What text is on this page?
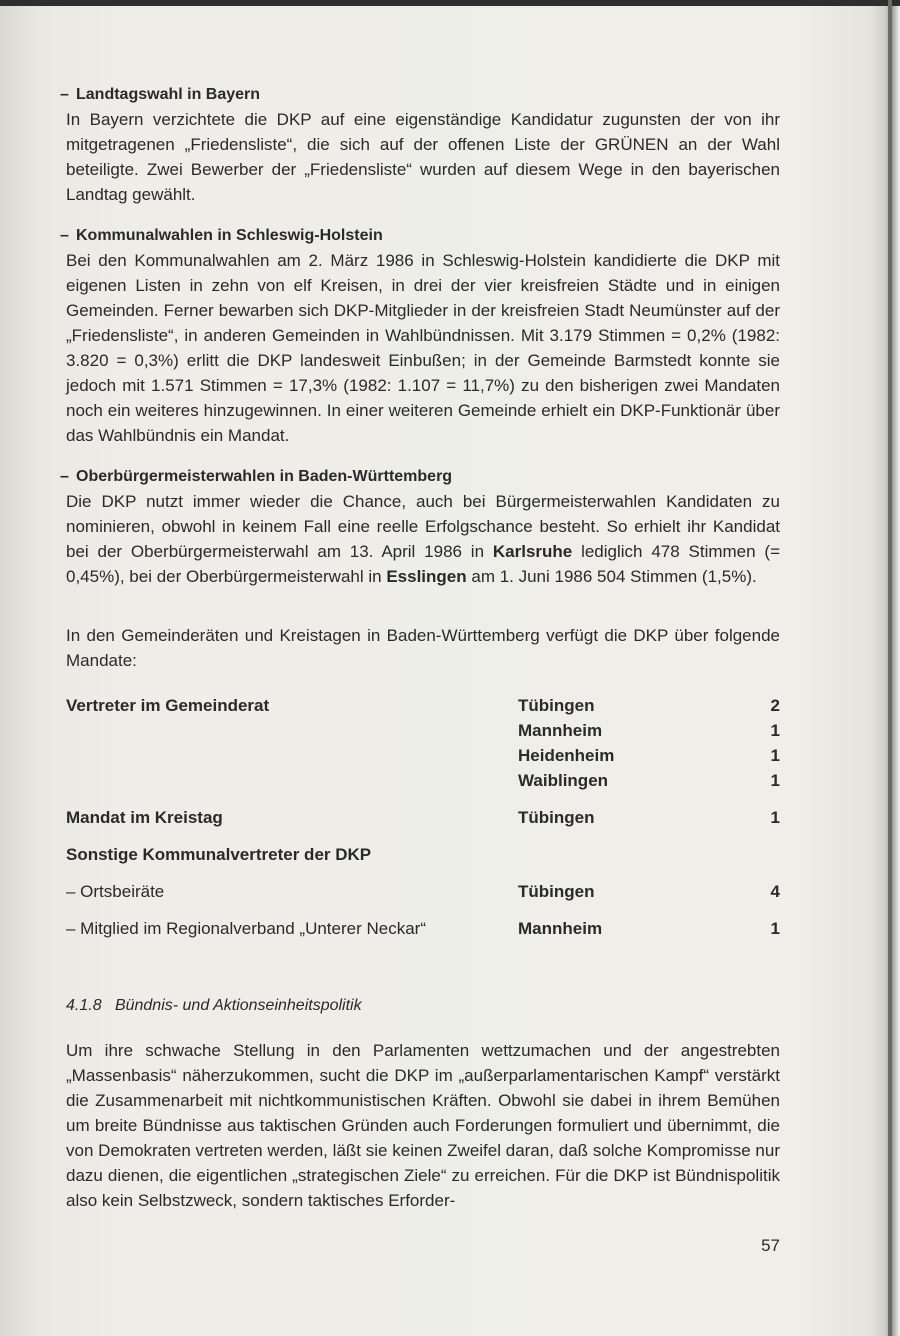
– Landtagswahl in Bayern

In Bayern verzichtete die DKP auf eine eigenständige Kandidatur zugunsten der von ihr mitgetragenen „Friedensliste“, die sich auf der offenen Liste der GRÜNEN an der Wahl beteiligte. Zwei Bewerber der „Friedensliste“ wurden auf diesem Wege in den bayerischen Landtag gewählt.

– Kommunalwahlen in Schleswig-Holstein

Bei den Kommunalwahlen am 2. März 1986 in Schleswig-Holstein kandidierte die DKP mit eigenen Listen in zehn von elf Kreisen, in drei der vier kreisfreien Städte und in einigen Gemeinden. Ferner bewarben sich DKP-Mitglieder in der kreisfreien Stadt Neumünster auf der „Friedensliste“, in anderen Gemeinden in Wahlbündnissen. Mit 3.179 Stimmen = 0,2% (1982: 3.820 = 0,3%) erlitt die DKP landesweit Einbußen; in der Gemeinde Barmstedt konnte sie jedoch mit 1.571 Stimmen = 17,3% (1982: 1.107 = 11,7%) zu den bisherigen zwei Mandaten noch ein weiteres hinzugewinnen. In einer weiteren Gemeinde erhielt ein DKP-Funktionär über das Wahlbündnis ein Mandat.

– Oberbürgermeisterwahlen in Baden-Württemberg

Die DKP nutzt immer wieder die Chance, auch bei Bürgermeisterwahlen Kandidaten zu nominieren, obwohl in keinem Fall eine reelle Erfolgschance besteht. So erhielt ihr Kandidat bei der Oberbürgermeisterwahl am 13. April 1986 in Karlsruhe lediglich 478 Stimmen (= 0,45%), bei der Oberbürgermeisterwahl in Esslingen am 1. Juni 1986 504 Stimmen (1,5%).

In den Gemeinderäten und Kreistagen in Baden-Württemberg verfügt die DKP über folgende Mandate:

Vertreter im Gemeinderat	Tübingen	2
	Mannheim	1
	Heidenheim	1
	Waiblingen	1

Mandat im Kreistag	Tübingen	1

Sonstige Kommunalvertreter der DKP		

– Ortsbeiräte	Tübingen	4

– Mitglied im Regionalverband „Unterer Neckar“	Mannheim	1
4.1.8 Bündnis- und Aktionseinheitspolitik

Um ihre schwache Stellung in den Parlamenten wettzumachen und der angestrebten „Massenbasis“ näherzukommen, sucht die DKP im „außerparlamentarischen Kampf“ verstärkt die Zusammenarbeit mit nichtkommunistischen Kräften. Obwohl sie dabei in ihrem Bemühen um breite Bündnisse aus taktischen Gründen auch Forderungen formuliert und übernimmt, die von Demokraten vertreten werden, läßt sie keinen Zweifel daran, daß solche Kompromisse nur dazu dienen, die eigentlichen „strategischen Ziele“ zu erreichen. Für die DKP ist Bündnispolitik also kein Selbstzweck, sondern taktisches Erforder-

57
